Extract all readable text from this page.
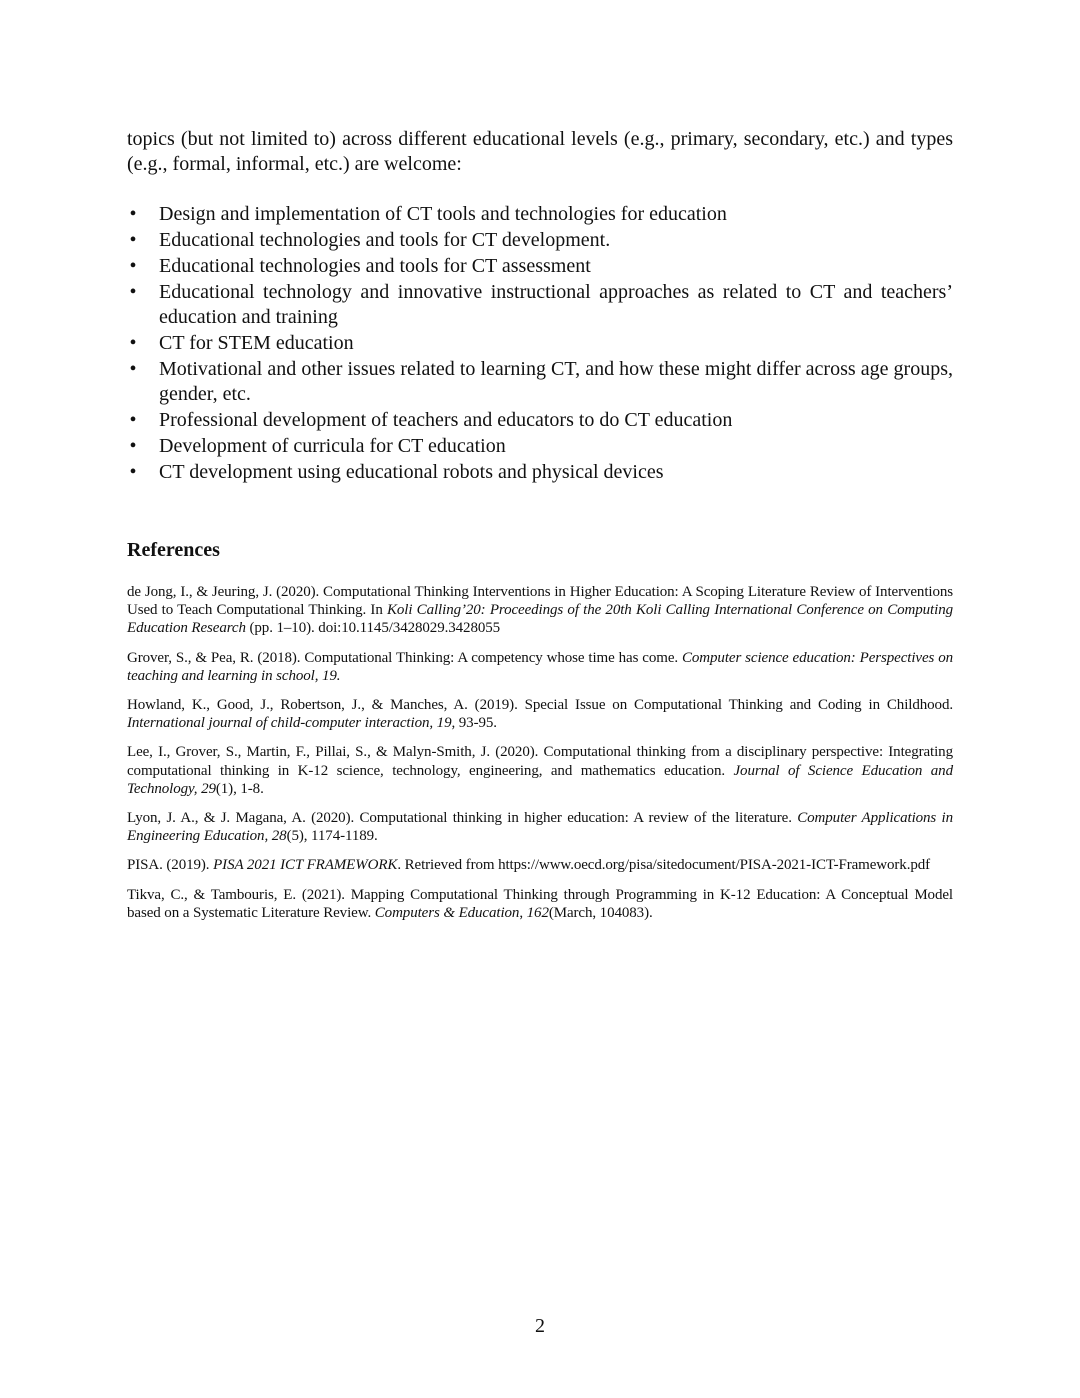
topics (but not limited to) across different educational levels (e.g., primary, secondary, etc.) and types (e.g., formal, informal, etc.) are welcome:

• Design and implementation of CT tools and technologies for education
• Educational technologies and tools for CT development.
• Educational technologies and tools for CT assessment
• Educational technology and innovative instructional approaches as related to CT and teachers’ education and training
• CT for STEM education
• Motivational and other issues related to learning CT, and how these might differ across age groups, gender, etc.
• Professional development of teachers and educators to do CT education
• Development of curricula for CT education
• CT development using educational robots and physical devices
References

de Jong, I., & Jeuring, J. (2020). Computational Thinking Interventions in Higher Education: A Scoping Literature Review of Interventions Used to Teach Computational Thinking. In Koli Calling’20: Proceedings of the 20th Koli Calling International Conference on Computing Education Research (pp. 1–10). doi:10.1145/3428029.3428055

Grover, S., & Pea, R. (2018). Computational Thinking: A competency whose time has come. Computer science education: Perspectives on teaching and learning in school, 19.

Howland, K., Good, J., Robertson, J., & Manches, A. (2019). Special Issue on Computational Thinking and Coding in Childhood. International journal of child-computer interaction, 19, 93-95.

Lee, I., Grover, S., Martin, F., Pillai, S., & Malyn-Smith, J. (2020). Computational thinking from a disciplinary perspective: Integrating computational thinking in K-12 science, technology, engineering, and mathematics education. Journal of Science Education and Technology, 29(1), 1-8.

Lyon, J. A., & J. Magana, A. (2020). Computational thinking in higher education: A review of the literature. Computer Applications in Engineering Education, 28(5), 1174-1189.

PISA. (2019). PISA 2021 ICT FRAMEWORK. Retrieved from https://www.oecd.org/pisa/sitedocument/PISA-2021-ICT-Framework.pdf

Tikva, C., & Tambouris, E. (2021). Mapping Computational Thinking through Programming in K-12 Education: A Conceptual Model based on a Systematic Literature Review. Computers & Education, 162(March, 104083).

2
